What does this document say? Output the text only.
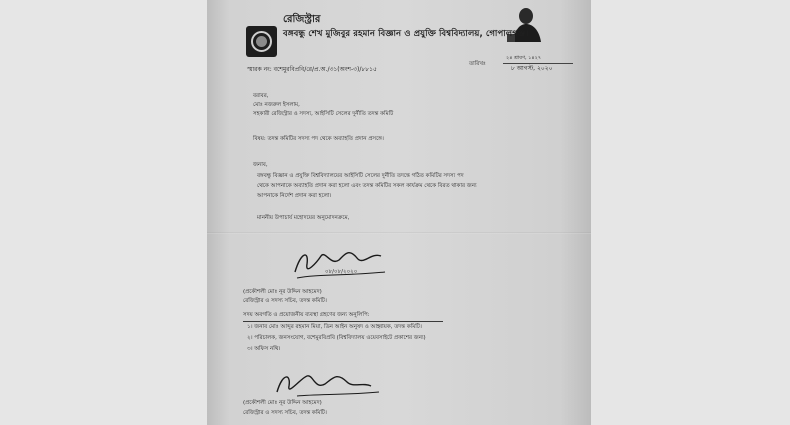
রেজিস্ট্রার
বঙ্গবন্ধু শেখ মুজিবুর রহমান বিজ্ঞান ও প্রযুক্তি বিশ্ববিদ্যালয়, গোপালগঞ্জ।
২৪ শ্রাবণ, ১৪২৭
স্মারক নং: বশেমুরবিপ্রবি/রে/প্র.অ./৩১(অংশ-৩)/৮৮১৫
তারিখঃ
৮ আগস্ট, ২০২০
বরাবর,
মোঃ নজরুল ইসলাম,
সহকারী রেজিস্ট্রার ও সদস্য, আইসিটি সেলের দুর্নীতি তদন্ত কমিটি
বিষয়: তদন্ত কমিটির সদস্য পদ থেকে অব্যাহতি প্রদান প্রসঙ্গে।
জনাব,
বঙ্গবন্ধু বিজ্ঞান ও প্রযুক্তি বিশ্ববিদ্যালয়ের আইসিটি সেলের দুর্নীতি তদন্তে গঠিত কমিটির সদস্য পদ
থেকে আপনাকে অব্যাহতি প্রদান করা হলো এবং তদন্ত কমিটির সকল কার্যক্রম থেকে বিরত থাকার জন্য
আপনাকে নির্দেশ প্রদান করা হলো।
মাননীয় উপাচার্য মহোদয়ের অনুমোদনক্রমে,
০৮/০৮/২০২০
(প্রকৌশলী মোঃ নূর উদ্দিন আহমেদ)
রেজিস্ট্রার ও সদস্য সচিব, তদন্ত কমিটি।
সদয় অবগতি ও প্রয়োজনীয় ব্যবস্থা গ্রহণের জন্য অনুলিপি:
১। জনাব মোঃ আব্দুর রহমান মিয়া, ডিন আইন অনুষদ ও আহ্বায়ক, তদন্ত কমিটি।
২। পরিচালক, জনসংযোগ, বশেমুরবিপ্রবি (বিশ্ববিদ্যালয় ওয়েবসাইটে প্রকাশের জন্য)
৩। অফিস নথি।
(প্রকৌশলী মোঃ নূর উদ্দিন আহমেদ)
রেজিস্ট্রার ও সদস্য সচিব, তদন্ত কমিটি।
